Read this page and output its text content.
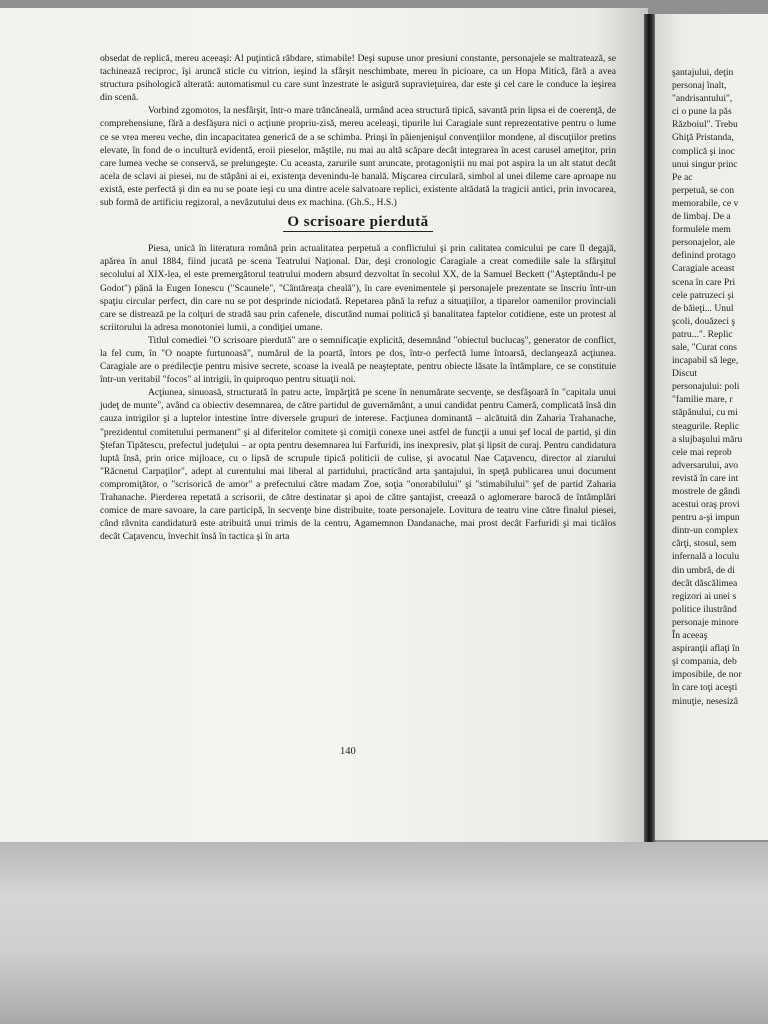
obsedat de replică, mereu aceeaşi: Al puţintică răbdare, stimabile! Deşi supuse unor presiuni constante, personajele se maltratează, se tachinează reciproc, îşi aruncă sticle cu vitrion, ieşind la sfârşit neschimbate, mereu în picioare, ca un Hopa Mitică, fără a avea structura psihologică alterată: automatismul cu care sunt înzestrate le asigură supravieţuirea, dar este şi cel care le conduce la ieşirea din scenă.

Vorbind zgomotos, la nesfârşit, într-o mare trăncăneală, urmând acea structură tipică, savantă prin lipsa ei de coerenţă, de comprehensiune, fără a desfăşura nici o acţiune propriu-zisă, mereu aceleaşi, tipurile lui Caragiale sunt reprezentative pentru o lume ce se vrea mereu veche, din incapacitatea generică de a se schimba. Prinşi în păienjenişul convenţiilor mondene, al discuţiilor pretins elevate, în fond de o incultură evidentă, eroii pieselor, măştile, nu mai au altă scăpare decât integrarea în acest carusel ameţitor, prin care lumea veche se conservă, se prelungeşte. Cu aceasta, zarurile sunt aruncate, protagoniştii nu mai pot aspira la un alt statut decât acela de sclavi ai piesei, nu de stăpâni ai ei, existenţa devenindu-le banală. Mişcarea circulară, simbol al unei dileme care aproape nu există, este perfectă şi din ea nu se poate ieşi cu una dintre acele salvatoare replici, existente altădată la tragicii antici, prin invocarea, sub formă de artificiu regizoral, a nevăzutului deus ex machina. (Gh.S., H.S.)

O scrisoare pierdută

Piesa, unică în literatura română prin actualitatea perpetuă a conflictului şi prin calitatea comicului pe care îl degajă, apărea în anul 1884, fiind jucată pe scena Teatrului Naţional. Dar, deşi cronologic Caragiale a creat comediile sale la sfârşitul secolului al XIX-lea, el este premergătorul teatrului modern absurd dezvoltat în secolul XX, de la Samuel Beckett ("Aşteptându-l pe Godot") până la Eugen Ionescu ("Scaunele", "Cântăreaţa cheală"), în care evenimentele şi personajele prezentate se înscriu într-un spaţiu circular perfect, din care nu se pot desprinde niciodată. Repetarea până la refuz a situaţiilor, a tiparelor oamenilor provinciali care se distrează pe la colţuri de stradă sau prin cafenele, discutând numai politică şi banalitatea faptelor cotidiene, este un protest al scriitorului la adresa monotoniei lumii, a condiţiei umane.

Titlul comediei "O scrisoare pierdută" are o semnificaţie explicită, desemnând "obiectul buclucaş", generator de conflict, la fel cum, în "O noapte furtunoasă", numărul de la poartă, întors pe dos, într-o perfectă lume întoarsă, declanşează acţiunea. Caragiale are o predilecţie pentru misive secrete, scoase la iveală pe neaşteptate, pentru obiecte lăsate la întâmplare, ce se constituie într-un veritabil "focos" al intrigii, în quiproquo pentru situaţii noi.

Acţiunea, sinuoasă, structurată în patru acte, împărţită pe scene în nenumărate secvenţe, se desfăşoară în "capitala unui judeţ de munte", având ca obiectiv desemnarea, de către partidul de guvernământ, a unui candidat pentru Cameră, complicată însă din cauza intrigilor şi a luptelor intestine între diversele grupuri de interese. Facţiunea dominantă – alcătuită din Zaharia Trahanache, "prezidentul comitetului permanent" şi al diferitelor comitete şi comiţii conexe unei astfel de funcţii a unui şef local de partid, şi din Ştefan Tipătescu, prefectul judeţului – ar opta pentru desemnarea lui Farfuridi, ins inexpresiv, plat şi lipsit de curaj. Pentru candidatura luptă însă, prin orice mijloace, cu o lipsă de scrupule tipică politicii de culise, şi avocatul Nae Caţavencu, director al ziarului "Răcnetul Carpaţilor", adept al curentului mai liberal al partidului, practicând arta şantajului, în speţă publicarea unui document compromiţător, o "scrisorică de amor" a prefectului către madam Zoe, soţia "onorabilului" şi "stimabilului" şef de partid Zaharia Trahanache. Pierderea repetată a scrisorii, de către destinatar şi apoi de către şantajist, creează o aglomerare barocă de întâmplări comice de mare savoare, la care participă, în secvenţe bine distribuite, toate personajele. Lovitura de teatru vine către finalul piesei, când râvnita candidatură este atribuită unui trimis de la centru, Agamemnon Dandanache, mai prost decât Farfuridi şi mai ticălos decât Caţavencu, învechit însă în tactica şi în arta

140
şantajului, deţin
personaj înalt,
"andrisantului",
ci o pune la păs
Războiul". Trebu
Ghiţă Pristanda,
complică şi inoc
unui singur princ
Pe ac
perpetuă, se con
memorabile, ce v
de limbaj. De a
formulele mem
personajelor, ale
definind protago
Caragiale aceast
scena în care Pri
cele patruzeci şi
de băieţi... Unul
şcoli, douăzeci ş
patru...". Replic
sale, "Curat cons
incapabil să lege,
Discut
personajului: poli
"familie mare, r
stăpânului, cu mi
steagurile. Replic
a slujbaşului măru
cele mai reprob
adversarului, avo
revistă în care int
mostrele de gândi
acestui oraş provi
pentru a-şi impun
dintr-un complex
cărţi, stosul, sem
infernală a loculu
din umbră, de di
decât dăscălimea
regizori ai unei s
politice ilustrând
personaje minore
În aceeaş
aspiranţii aflaţi în
şi compania, deb
imposibile, de nor
în care toţi aceşti
minuţie, nesesizâ
